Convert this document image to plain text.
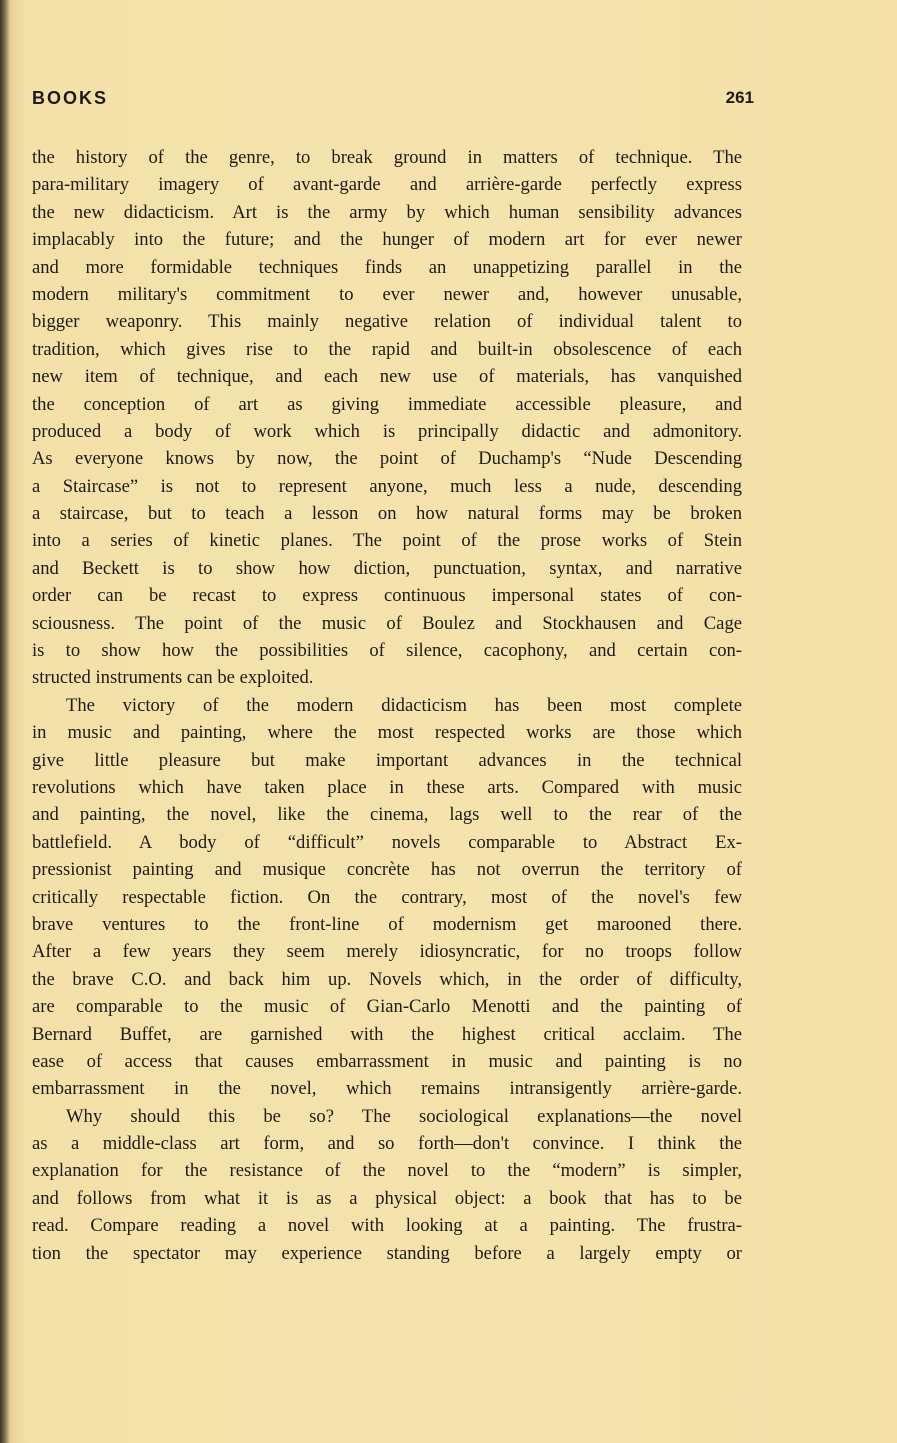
BOOKS	261
the history of the genre, to break ground in matters of technique. The
para-military imagery of avant-garde and arrière-garde perfectly express
the new didacticism. Art is the army by which human sensibility advances
implacably into the future; and the hunger of modern art for ever newer
and more formidable techniques finds an unappetizing parallel in the
modern military's commitment to ever newer and, however unusable,
bigger weaponry. This mainly negative relation of individual talent to
tradition, which gives rise to the rapid and built-in obsolescence of each
new item of technique, and each new use of materials, has vanquished
the conception of art as giving immediate accessible pleasure, and
produced a body of work which is principally didactic and admonitory.
As everyone knows by now, the point of Duchamp's “Nude Descending
a Staircase” is not to represent anyone, much less a nude, descending
a staircase, but to teach a lesson on how natural forms may be broken
into a series of kinetic planes. The point of the prose works of Stein
and Beckett is to show how diction, punctuation, syntax, and narrative
order can be recast to express continuous impersonal states of con-
sciousness. The point of the music of Boulez and Stockhausen and Cage
is to show how the possibilities of silence, cacophony, and certain con-
structed instruments can be exploited.
The victory of the modern didacticism has been most complete
in music and painting, where the most respected works are those which
give little pleasure but make important advances in the technical
revolutions which have taken place in these arts. Compared with music
and painting, the novel, like the cinema, lags well to the rear of the
battlefield. A body of “difficult” novels comparable to Abstract Ex-
pressionist painting and musique concrète has not overrun the territory of
critically respectable fiction. On the contrary, most of the novel's few
brave ventures to the front-line of modernism get marooned there.
After a few years they seem merely idiosyncratic, for no troops follow
the brave C.O. and back him up. Novels which, in the order of difficulty,
are comparable to the music of Gian-Carlo Menotti and the painting of
Bernard Buffet, are garnished with the highest critical acclaim. The
ease of access that causes embarrassment in music and painting is no
embarrassment in the novel, which remains intransigently arrière-garde.
Why should this be so? The sociological explanations—the novel
as a middle-class art form, and so forth—don't convince. I think the
explanation for the resistance of the novel to the “modern” is simpler,
and follows from what it is as a physical object: a book that has to be
read. Compare reading a novel with looking at a painting. The frustra-
tion the spectator may experience standing before a largely empty or
